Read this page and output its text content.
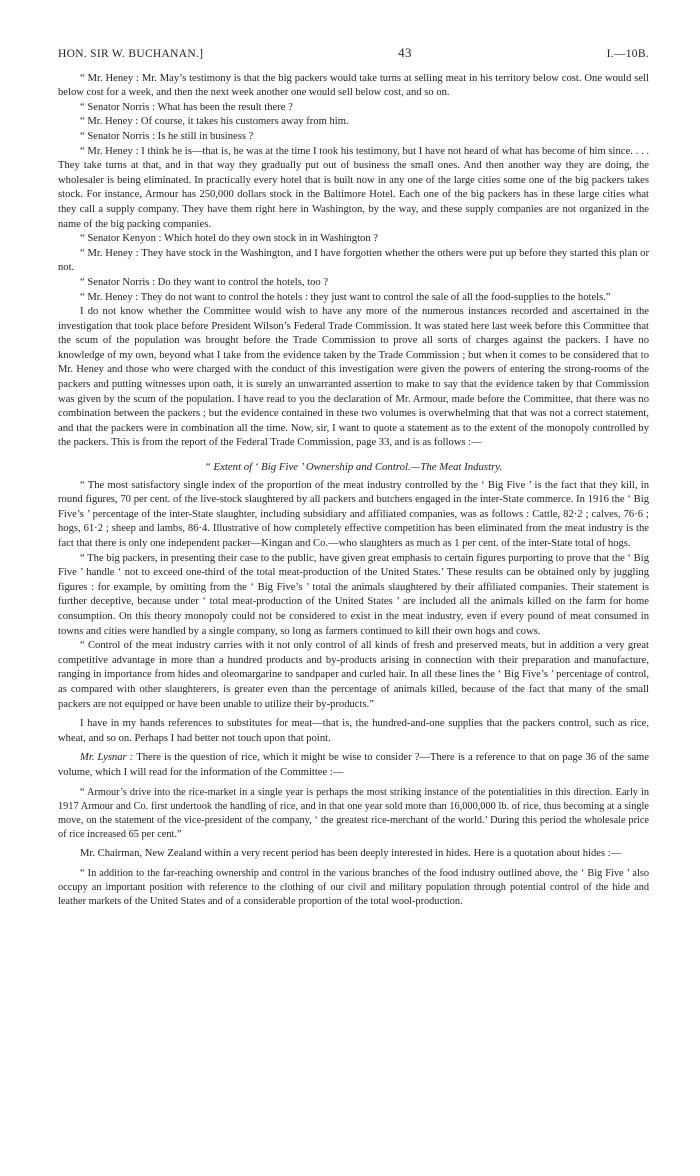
HON. SIR W. BUCHANAN.]	43	I.—10B.

“ Mr. Heney : Mr. May’s testimony is that the big packers would take turns at selling meat in his territory below cost. One would sell below cost for a week, and then the next week another one would sell below cost, and so on.

“ Senator Norris : What has been the result there ?

“ Mr. Heney : Of course, it takes his customers away from him.

“ Senator Norris : Is he still in business ?

“ Mr. Heney : I think he is—that is, he was at the time I took his testimony, but I have not heard of what has become of him since. . . . They take turns at that, and in that way they gradually put out of business the small ones. And then another way they are doing, the wholesaler is being eliminated. In practically every hotel that is built now in any one of the large cities some one of the big packers takes stock. For instance, Armour has 250,000 dollars stock in the Baltimore Hotel. Each one of the big packers has in these large cities what they call a supply company. They have them right here in Washington, by the way, and these supply companies are not organized in the name of the big packing companies.

“ Senator Kenyon : Which hotel do they own stock in in Washington ?

“ Mr. Heney : They have stock in the Washington, and I have forgotten whether the others were put up before they started this plan or not.

“ Senator Norris : Do they want to control the hotels, too ?

“ Mr. Heney : They do not want to control the hotels : they just want to control the sale of all the food-supplies to the hotels.”

I do not know whether the Committee would wish to have any more of the numerous instances recorded and ascertained in the investigation that took place before President Wilson’s Federal Trade Commission. It was stated here last week before this Committee that the scum of the population was brought before the Trade Commission to prove all sorts of charges against the packers. I have no knowledge of my own, beyond what I take from the evidence taken by the Trade Commission ; but when it comes to be considered that to Mr. Heney and those who were charged with the conduct of this investigation were given the powers of entering the strong-rooms of the packers and putting witnesses upon oath, it is surely an unwarranted assertion to make to say that the evidence taken by that Commission was given by the scum of the population. I have read to you the declaration of Mr. Armour, made before the Committee, that there was no combination between the packers ; but the evidence contained in these two volumes is overwhelming that that was not a correct statement, and that the packers were in combination all the time. Now, sir, I want to quote a statement as to the extent of the monopoly controlled by the packers. This is from the report of the Federal Trade Commission, page 33, and is as follows :—

“ Extent of ‘ Big Five ’ Ownership and Control.—The Meat Industry.

“ The most satisfactory single index of the proportion of the meat industry controlled by the ‘ Big Five ’ is the fact that they kill, in round figures, 70 per cent. of the live-stock slaughtered by all packers and butchers engaged in the inter-State commerce. In 1916 the ‘ Big Five’s ’ percentage of the inter-State slaughter, including subsidiary and affiliated companies, was as follows : Cattle, 82·2 ; calves, 76·6 ; hogs, 61·2 ; sheep and lambs, 86·4. Illustrative of how completely effective competition has been eliminated from the meat industry is the fact that there is only one independent packer—Kingan and Co.—who slaughters as much as 1 per cent. of the inter-State total of hogs.

“ The big packers, in presenting their case to the public, have given great emphasis to certain figures purporting to prove that the ‘ Big Five ’ handle ‘ not to exceed one-third of the total meat-production of the United States.’ These results can be obtained only by juggling figures : for example, by omitting from the ‘ Big Five’s ’ total the animals slaughtered by their affiliated companies. Their statement is further deceptive, because under ‘ total meat-production of the United States ’ are included all the animals killed on the farm for home consumption. On this theory monopoly could not be considered to exist in the meat industry, even if every pound of meat consumed in towns and cities were handled by a single company, so long as farmers continued to kill their own hogs and cows.

“ Control of the meat industry carries with it not only control of all kinds of fresh and preserved meats, but in addition a very great competitive advantage in more than a hundred products and by-products arising in connection with their preparation and manufacture, ranging in importance from hides and oleomargarine to sandpaper and curled hair. In all these lines the ‘ Big Five’s ’ percentage of control, as compared with other slaughterers, is greater even than the percentage of animals killed, because of the fact that many of the small packers are not equipped or have been unable to utilize their by-products.”

I have in my hands references to substitutes for meat—that is, the hundred-and-one supplies that the packers control, such as rice, wheat, and so on. Perhaps I had better not touch upon that point.

Mr. Lysnar : There is the question of rice, which it might be wise to consider ?—There is a reference to that on page 36 of the same volume, which I will read for the information of the Committee :—

“ Armour’s drive into the rice-market in a single year is perhaps the most striking instance of the potentialities in this direction. Early in 1917 Armour and Co. first undertook the handling of rice, and in that one year sold more than 16,000,000 lb. of rice, thus becoming at a single move, on the statement of the vice-president of the company, ‘ the greatest rice-merchant of the world.’ During this period the wholesale price of rice increased 65 per cent.”

Mr. Chairman, New Zealand within a very recent period has been deeply interested in hides. Here is a quotation about hides :—

“ In addition to the far-reaching ownership and control in the various branches of the food industry outlined above, the ‘ Big Five ’ also occupy an important position with reference to the clothing of our civil and military population through potential control of the hide and leather markets of the United States and of a considerable proportion of the total wool-production.
